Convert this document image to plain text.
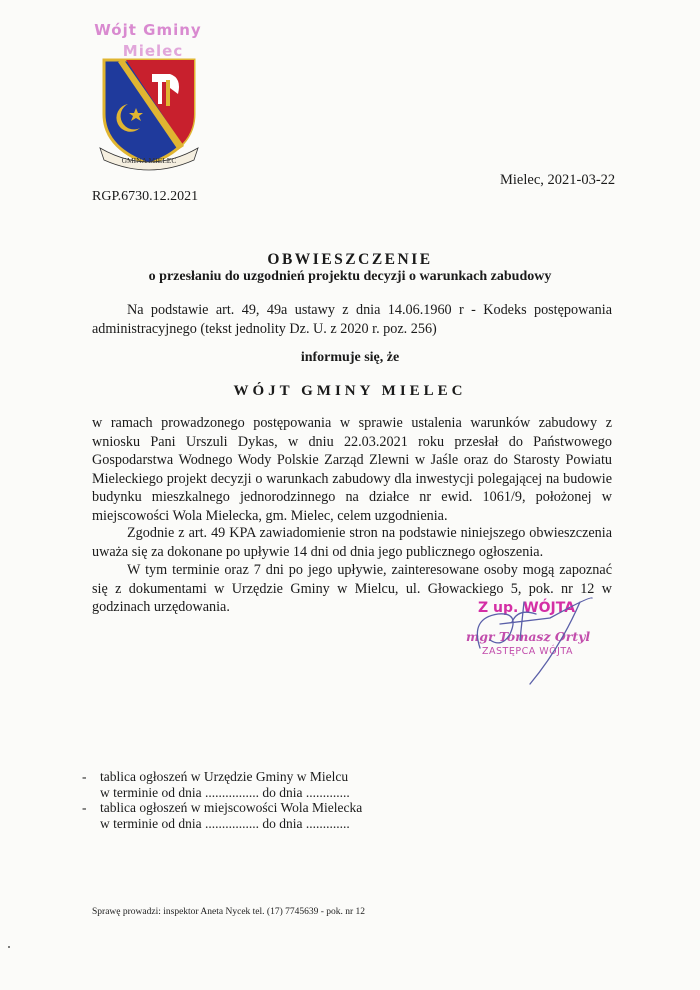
Wójt Gminy
Mielec
GMINA MIELEC
Mielec, 2021-03-22
RGP.6730.12.2021
OBWIESZCZENIE
o przesłaniu do uzgodnień projektu decyzji o warunkach zabudowy

Na podstawie art. 49, 49a ustawy z dnia 14.06.1960 r - Kodeks postępowania administracyjnego (tekst jednolity Dz. U. z 2020 r. poz. 256)

informuje się, że
WÓJT GMINY MIELEC

w ramach prowadzonego postępowania w sprawie ustalenia warunków zabudowy z wniosku Pani Urszuli Dykas, w dniu 22.03.2021 roku przesłał do Państwowego Gospodarstwa Wodnego Wody Polskie Zarząd Zlewni w Jaśle oraz do Starosty Powiatu Mieleckiego projekt decyzji o warunkach zabudowy dla inwestycji polegającej na budowie budynku mieszkalnego jednorodzinnego na działce nr ewid. 1061/9, położonej w miejscowości Wola Mielecka, gm. Mielec, celem uzgodnienia.

Zgodnie z art. 49 KPA zawiadomienie stron na podstawie niniejszego obwieszczenia uważa się za dokonane po upływie 14 dni od dnia jego publicznego ogłoszenia.

W tym terminie oraz 7 dni po jego upływie, zainteresowane osoby mogą zapoznać się z dokumentami w Urzędzie Gminy w Mielcu, ul. Głowackiego 5, pok. nr 12 w godzinach urzędowania.	Z up. WÓJTA
mgr Tomasz Ortyl
ZASTĘPCA WÓJTA
- tablica ogłoszeń w Urzędzie Gminy w Mielcu
w terminie od dnia ................ do dnia .............
- tablica ogłoszeń w miejscowości Wola Mielecka
w terminie od dnia ................ do dnia .............
Sprawę prowadzi: inspektor Aneta Nycek tel. (17) 7745639 - pok. nr 12
